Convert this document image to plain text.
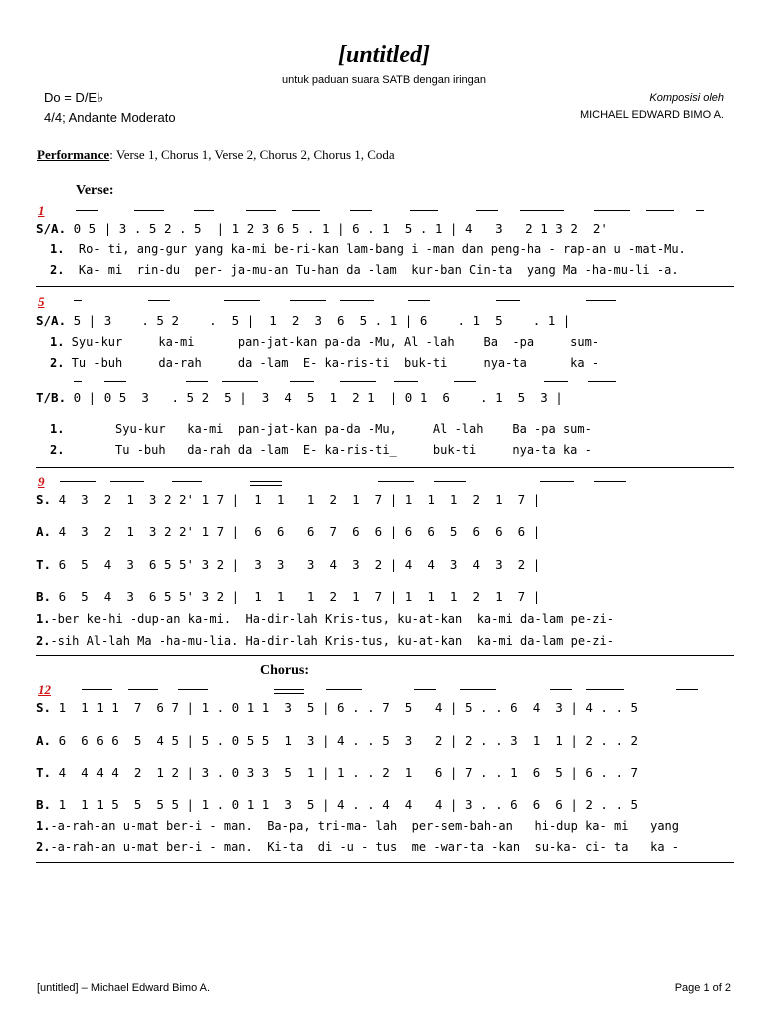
[untitled]
untuk paduan suara SATB dengan iringan
Do = D/E♭
4/4; Andante Moderato
Komposisi oleh
MICHAEL EDWARD BIMO A.
Performance: Verse 1, Chorus 1, Verse 2, Chorus 2, Chorus 1, Coda
Verse:
1
S/A. 0 5 | 3 . 5 2 . 5  | 1 2 3 6 5 . 1 | 6 . 1  5 . 1 | 4   3   2 1 3 2  2'
1.  Ro- ti, ang-gur yang ka-mi be-ri-kan lam-bang i -man dan peng-ha - rap-an u -mat-Mu.
2.  Ka- mi  rin-du  per- ja-mu-an Tu-han da -lam  kur-ban Cin-ta  yang Ma -ha-mu-li -a.
5
S/A. 5 | 3    . 5 2    .  5 |  1  2  3  6  5 . 1 | 6    . 1  5    . 1 |
1. Syu-kur     ka-mi      pan-jat-kan pa-da -Mu, Al -lah    Ba  -pa     sum-
2. Tu -buh     da-rah     da -lam  E- ka-ris-ti  buk-ti     nya-ta      ka -
T/B. 0 | 0 5  3   . 5 2  5 |  3  4  5  1  2 1  | 0 1  6    . 1  5  3 |
1.       Syu-kur   ka-mi  pan-jat-kan pa-da -Mu,     Al -lah    Ba -pa sum-
2.       Tu -buh   da-rah da -lam  E- ka-ris-ti_     buk-ti     nya-ta ka -
9
S. 4  3  2  1  3 2 2' 1 7 |  1  1   1  2  1  7 | 1  1  1  2  1  7 |
A. 4  3  2  1  3 2 2' 1 7 |  6  6   6  7  6  6 | 6  6  5  6  6  6 |
T. 6  5  4  3  6 5 5' 3 2 |  3  3   3  4  3  2 | 4  4  3  4  3  2 |
B. 6  5  4  3  6 5 5' 3 2 |  1  1   1  2  1  7 | 1  1  1  2  1  7 |
1.-ber ke-hi -dup-an ka-mi.  Ha-dir-lah Kris-tus, ku-at-kan  ka-mi da-lam pe-zi-
2.-sih Al-lah Ma -ha-mu-lia. Ha-dir-lah Kris-tus, ku-at-kan  ka-mi da-lam pe-zi-
Chorus:
12
S. 1  1 1 1  7  6 7 | 1 . 0 1 1  3  5 | 6 . . 7  5   4 | 5 . . 6  4  3 | 4 . . 5
A. 6  6 6 6  5  4 5 | 5 . 0 5 5  1  3 | 4 . . 5  3   2 | 2 . . 3  1  1 | 2 . . 2
T. 4  4 4 4  2  1 2 | 3 . 0 3 3  5  1 | 1 . . 2  1   6 | 7 . . 1  6  5 | 6 . . 7
B. 1  1 1 5  5  5 5 | 1 . 0 1 1  3  5 | 4 . . 4  4   4 | 3 . . 6  6  6 | 2 . . 5
1.-a-rah-an u-mat ber-i - man.  Ba-pa, tri-ma- lah  per-sem-bah-an   hi-dup ka- mi   yang
2.-a-rah-an u-mat ber-i - man.  Ki-ta  di -u - tus  me -war-ta -kan  su-ka- ci- ta   ka -
[untitled] – Michael Edward Bimo A.	Page 1 of 2
